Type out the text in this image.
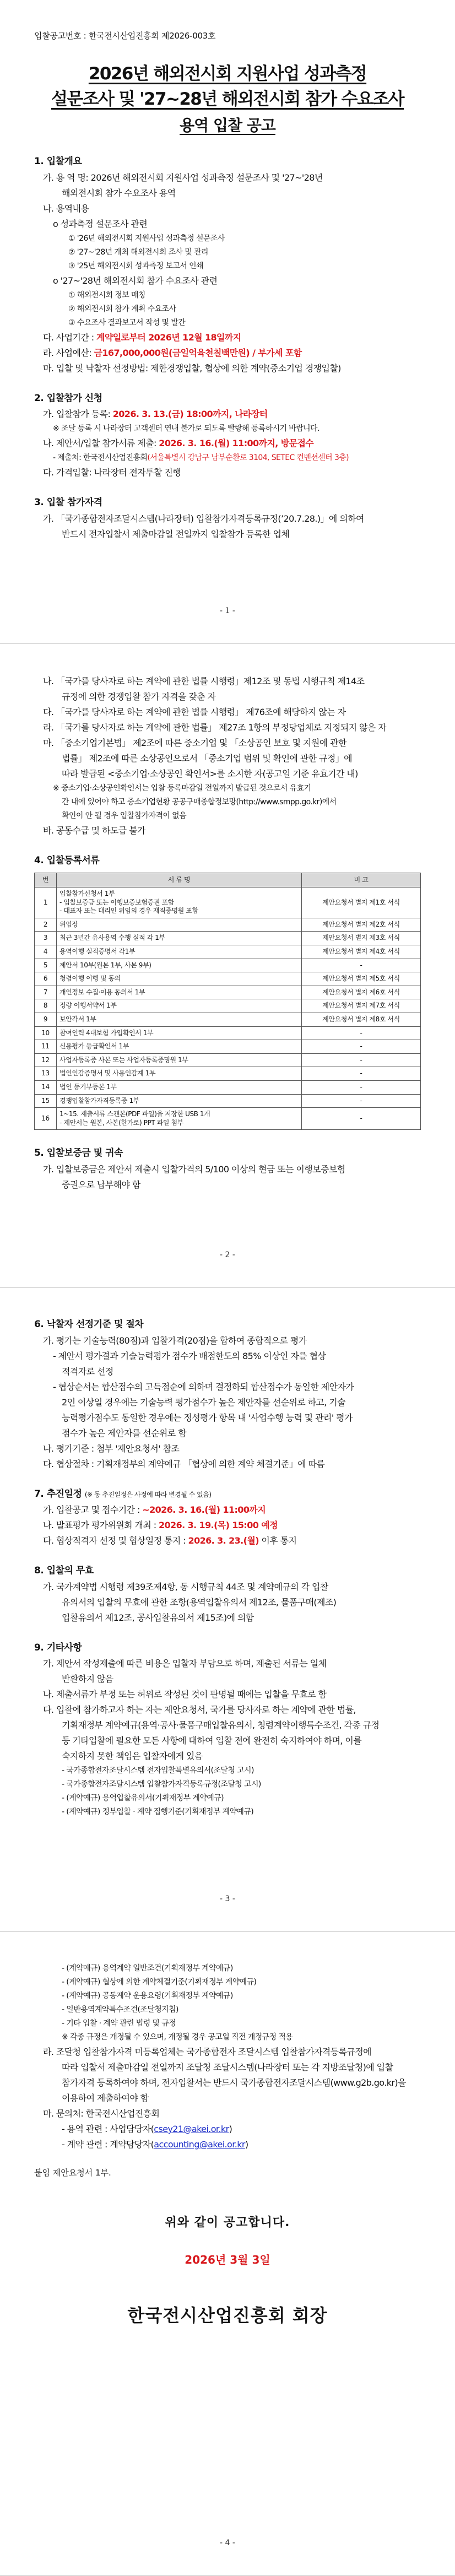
입찰공고번호 : 한국전시산업진흥회 제2026-003호
2026년 해외전시회 지원사업 성과측정
설문조사 및 '27~28년 해외전시회 참가 수요조사
용역 입찰 공고
1. 입찰개요
가. 용 역 명: 2026년 해외전시회 지원사업 성과측정 설문조사 및 '27~'28년
해외전시회 참가 수요조사 용역
나. 용역내용
o 성과측정 설문조사 관련
① '26년 해외전시회 지원사업 성과측정 설문조사
② '27~'28년 개최 해외전시회 조사 및 관리
③ '25년 해외전시회 성과측정 보고서 인쇄
o '27~'28년 해외전시회 참가 수요조사 관련
① 해외전시회 정보 매칭
② 해외전시회 참가 계획 수요조사
③ 수요조사 결과보고서 작성 및 발간
다. 사업기간 : 계약일로부터 2026년 12월 18일까지
라. 사업예산: 금167,000,000원(금일억육천칠백만원) / 부가세 포함
마. 입찰 및 낙찰자 선정방법: 제한경쟁입찰, 협상에 의한 계약(중소기업 경쟁입찰)
2. 입찰참가 신청
가. 입찰참가 등록: 2026. 3. 13.(금) 18:00까지, 나라장터
※ 조달 등록 시 나라장터 고객센터 연내 불가로 되도록 빨랑해 등록하시기 바랍니다.
나. 제안서/입찰 참가서류 제출: 2026. 3. 16.(월) 11:00까지, 방문접수
- 제출처: 한국전시산업진흥회(서울특별시 강남구 남부순환로 3104, SETEC 컨벤션센터 3층)
다. 가격입찰: 나라장터 전자투찰 진행
3. 입찰 참가자격
가. 「국가종합전자조달시스템(나라장터) 입찰참가자격등록규정(’20.7.28.)」에 의하여
반드시 전자입찰서 제출마감일 전일까지 입찰참가 등록한 업체
- 1 -
나. 「국가를 당사자로 하는 계약에 관한 법률 시행령」제12조 및 동법 시행규칙 제14조
규정에 의한 경쟁입찰 참가 자격을 갖춘 자
다. 「국가를 당사자로 하는 계약에 관한 법률 시행령」 제76조에 해당하지 않는 자
라. 「국가를 당사자로 하는 계약에 관한 법률」 제27조 1항의 부정당업체로 지정되지 않은 자
마. 「중소기업기본법」 제2조에 따른 중소기업 및 「소상공인 보호 및 지원에 관한
법률」 제2조에 따른 소상공인으로서 「중소기업 범위 및 확인에 관한 규정」에
따라 발급된 <중소기업·소상공인 확인서>를 소지한 자(공고일 기준 유효기간 내)
※ 중소기업·소상공인확인서는 입찰 등록마감일 전일까지 발급된 것으로서 유효기
간 내에 있어야 하고 중소기업현황 공공구매종합정보망(http://www.smpp.go.kr)에서
확인이 안 될 경우 입찰참가자격이 없음
바. 공동수급 및 하도급 불가
4. 입찰등록서류
번	서 류 명	비 고
1	입찰참가신청서 1부
- 입찰보증금 또는 이행보증보험증권 포함
- 대표자 또는 대리인 위임의 경우 재직증명원 포함	제안요청서 별지 제1호 서식
2	위임장	제안요청서 별지 제2호 서식
3	최근 3년간 유사용역 수행 실적 각 1부	제안요청서 별지 제3호 서식
4	용역이행 실적증명서 각1부	제안요청서 별지 제4호 서식
5	제안서 10부(원본 1부, 사본 9부)	-
6	청렴이행 이행 및 동의	제안요청서 별지 제5호 서식
7	개인정보 수집·이용 동의서 1부	제안요청서 별지 제6호 서식
8	정량 이행서약서 1부	제안요청서 별지 제7호 서식
9	보안각서 1부	제안요청서 별지 제8호 서식
10	참여인력 4대보험 가입확인서 1부	-
11	신용평가 등급확인서 1부	-
12	사업자등록증 사본 또는 사업자등록증명원 1부	-
13	법인인감증명서 및 사용인감계 1부	-
14	법인 등기부등본 1부	-
15	경쟁입찰참가자격등록증 1부	-
16	1~15. 제출서류 스캔본(PDF 파일)을 저장한 USB 1개
- 제안서는 원본, 사본(한가로) PPT 파일 첨부	-
5. 입찰보증금 및 귀속
가. 입찰보증금은 제안서 제출시 입찰가격의 5/100 이상의 현금 또는 이행보증보험
증권으로 납부해야 함
- 2 -
6. 낙찰자 선정기준 및 절차
가. 평가는 기술능력(80점)과 입찰가격(20점)을 합하여 종합적으로 평가
- 제안서 평가결과 기술능력평가 점수가 배점한도의 85% 이상인 자를 협상
적격자로 선정
- 협상순서는 합산점수의 고득점순에 의하며 결정하되 합산점수가 동일한 제안자가
2인 이상일 경우에는 기술능력 평가점수가 높은 제안자를 선순위로 하고, 기술
능력평가점수도 동일한 경우에는 정성평가 항목 내 '사업수행 능력 및 관리' 평가
점수가 높은 제안자를 선순위로 함
나. 평가기준 : 첨부 '제안요청서' 참조
다. 협상절차 : 기획재정부의 계약예규 「협상에 의한 계약 체결기준」에 따름
7. 추진일정 (※ 동 추진일정은 사정에 따라 변경될 수 있음)
가. 입찰공고 및 접수기간 : ~2026. 3. 16.(월) 11:00까지
나. 발표평가 평가위원회 개최 : 2026. 3. 19.(목) 15:00 예정
다. 협상적격자 선정 및 협상일정 통지 : 2026. 3. 23.(월) 이후 통지
8. 입찰의 무효
가. 국가계약법 시행령 제39조제4항, 동 시행규칙 44조 및 계약예규의 각 입찰
유의서의 입찰의 무효에 관한 조항(용역입찰유의서 제12조, 물품구매(제조)
입찰유의서 제12조, 공사입찰유의서 제15조)에 의함
9. 기타사항
가. 제안서 작성제출에 따른 비용은 입찰자 부담으로 하며, 제출된 서류는 일체
반환하지 않음
나. 제출서류가 부정 또는 허위로 작성된 것이 판명될 때에는 입찰을 무효로 함
다. 입찰에 참가하고자 하는 자는 제안요청서, 국가를 당사자로 하는 계약에 관한 법률,
기획재정부 계약예규(용역·공사·물품구매입찰유의서, 청렴계약이행특수조건, 각종 규정
등 기타입찰에 필요한 모든 사항에 대하여 입찰 전에 완전히 숙지하여야 하며, 이를
숙지하지 못한 책임은 입찰자에게 있음
- 국가종합전자조달시스템 전자입찰특별유의서(조달청 고시)
- 국가종합전자조달시스템 입찰참가자격등록규정(조달청 고시)
- (계약예규) 용역입찰유의서(기획재정부 계약예규)
- (계약예규) 정부입찰 · 계약 집행기준(기획재정부 계약예규)
- 3 -
- (계약예규) 용역계약 일반조건(기획재정부 계약예규)
- (계약예규) 협상에 의한 계약체결기준(기획재정부 계약예규)
- (계약예규) 공동계약 운용요령(기획재정부 계약예규)
- 일반용역계약특수조건(조달청지침)
- 기타 입찰 · 계약 관련 법령 및 규정
※ 각종 규정은 개정될 수 있으며, 개정될 경우 공고일 직전 개정규정 적용
라. 조달청 입찰참가자격 미등록업체는 국가종합전자 조달시스템 입찰참가자격등록규정에
따라 입찰서 제출마감일 전일까지 조달청 조달시스템(나라장터 또는 각 지방조달청)에 입찰
참가자격 등록하여야 하며, 전자입찰서는 반드시 국가종합전자조달시스템(www.g2b.go.kr)을
이용하여 제출하여야 함
마. 문의처: 한국전시산업진흥회
- 용역 관련 : 사업담당자(csey21@akei.or.kr)
- 계약 관련 : 계약담당자(accounting@akei.or.kr)
붙임 제안요청서 1부.
위와 같이 공고합니다.
2026년 3월 3일
한국전시산업진흥회 회장
- 4 -
